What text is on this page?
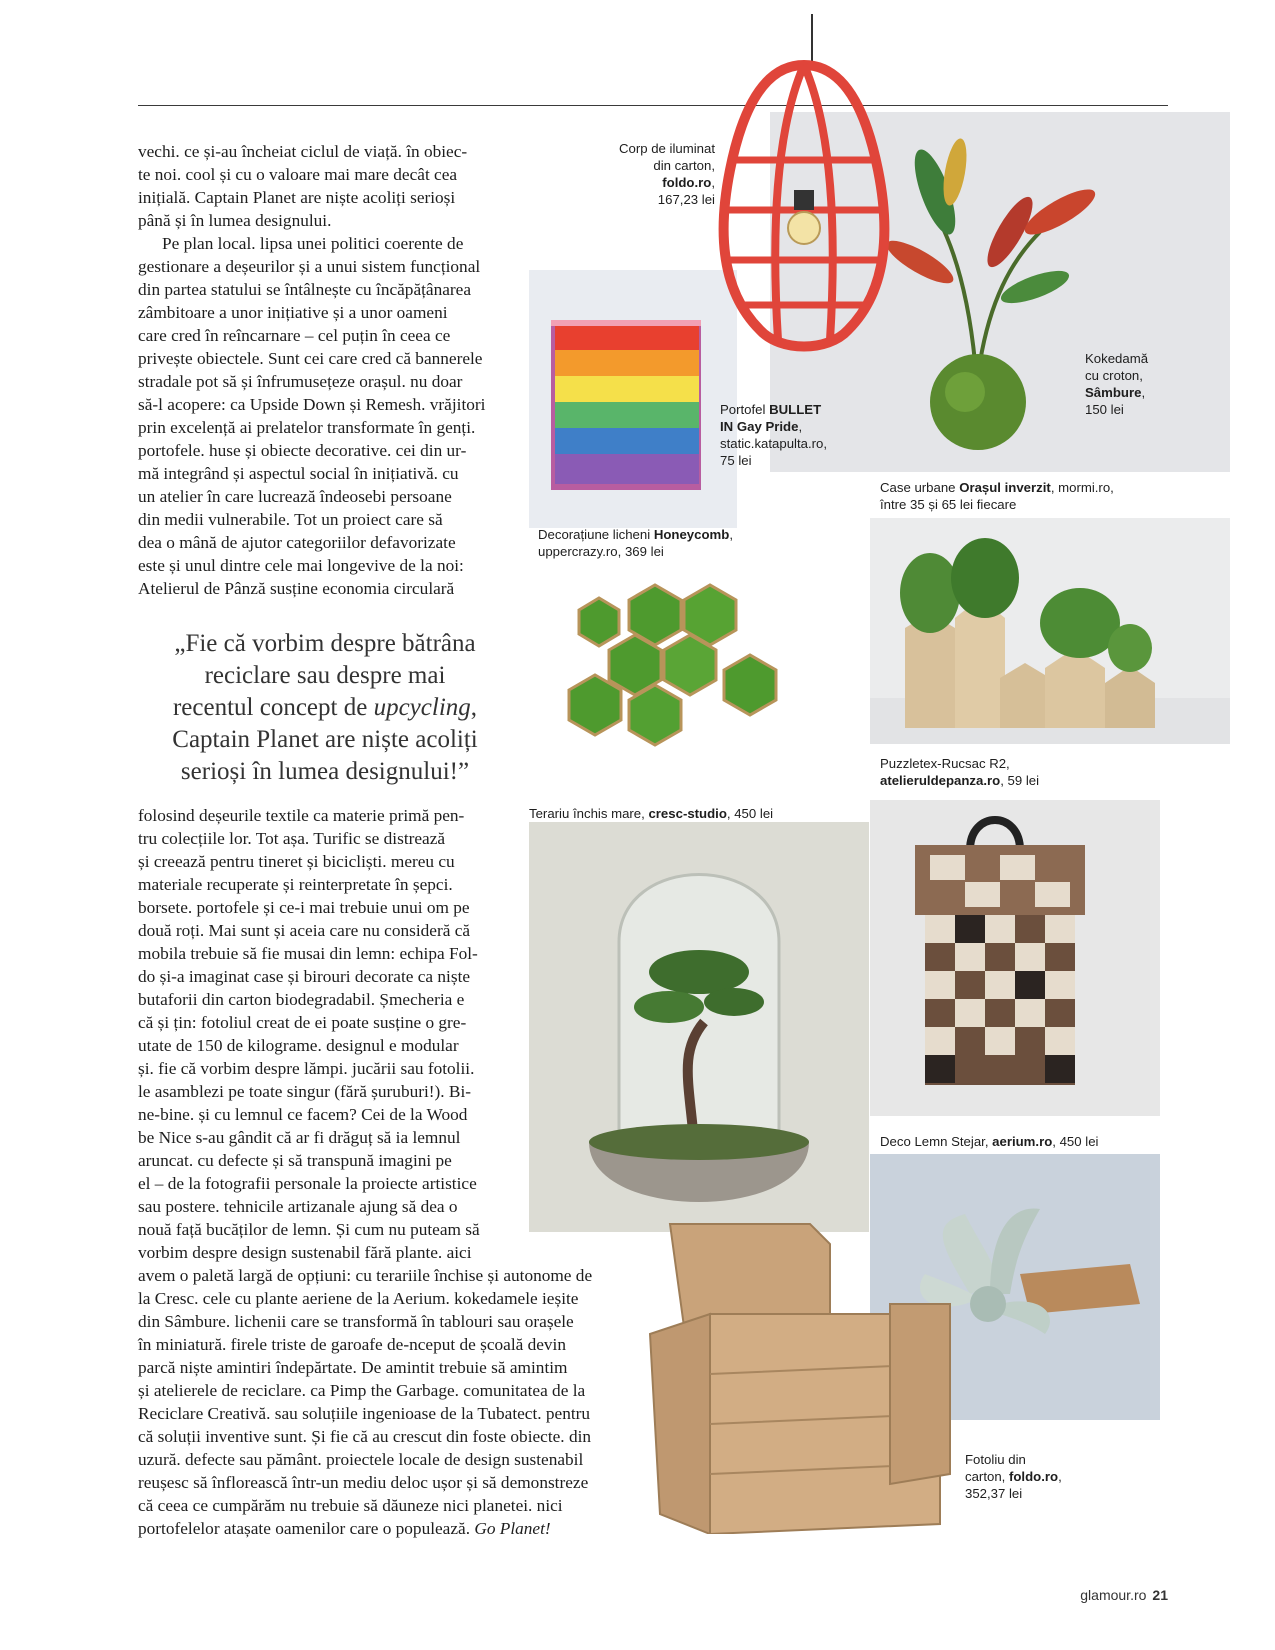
vechi. ce și-au încheiat ciclul de viață. în obiec-
te noi. cool și cu o valoare mai mare decât cea
inițială. Captain Planet are niște acoliți serioși
până și în lumea designului.
Pe plan local. lipsa unei politici coerente de
gestionare a deșeurilor și a unui sistem funcțional
din partea statului se întâlnește cu încăpățânarea
zâmbitoare a unor inițiative și a unor oameni
care cred în reîncarnare – cel puțin în ceea ce
privește obiectele. Sunt cei care cred că bannerele
stradale pot să și înfrumusețeze orașul. nu doar
să-l acopere: ca Upside Down și Remesh. vrăjitori
prin excelență ai prelatelor transformate în genți.
portofele. huse și obiecte decorative. cei din ur-
mă integrând și aspectul social în inițiativă. cu
un atelier în care lucrează îndeosebi persoane
din medii vulnerabile. Tot un proiect care să
dea o mână de ajutor categoriilor defavorizate
este și unul dintre cele mai longevive de la noi:
Atelierul de Pânză susține economia circulară
„Fie că vorbim despre bătrâna
reciclare sau despre mai
recentul concept de upcycling,
Captain Planet are niște acoliți
serioși în lumea designului!”
folosind deșeurile textile ca materie primă pen-
tru colecțiile lor. Tot așa. Turific se distrează
și creează pentru tineret și bicicliști. mereu cu
materiale recuperate și reinterpretate în șepci.
borsete. portofele și ce-i mai trebuie unui om pe
două roți. Mai sunt și aceia care nu consideră că
mobila trebuie să fie musai din lemn: echipa Fol-
do și-a imaginat case și birouri decorate ca niște
butaforii din carton biodegradabil. Șmecheria e
că și țin: fotoliul creat de ei poate susține o gre-
utate de 150 de kilograme. designul e modular
și. fie că vorbim despre lămpi. jucării sau fotolii.
le asamblezi pe toate singur (fără șuruburi!). Bi-
ne-bine. și cu lemnul ce facem? Cei de la Wood
be Nice s-au gândit că ar fi drăguț să ia lemnul
aruncat. cu defecte și să transpună imagini pe
el – de la fotografii personale la proiecte artistice
sau postere. tehnicile artizanale ajung să dea o
nouă față bucăților de lemn. Și cum nu puteam să
vorbim despre design sustenabil fără plante. aici
avem o paletă largă de opțiuni: cu terariile închise și autonome de
la Cresc. cele cu plante aeriene de la Aerium. kokedamele ieșite
din Sâmbure. lichenii care se transformă în tablouri sau orașele
în miniatură. firele triste de garoafe de-nceput de școală devin
parcă niște amintiri îndepărtate. De amintit trebuie să amintim
și atelierele de reciclare. ca Pimp the Garbage. comunitatea de la
Reciclare Creativă. sau soluțiile ingenioase de la Tubatect. pentru
că soluții inventive sunt. Și fie că au crescut din foste obiecte. din
uzură. defecte sau pământ. proiectele locale de design sustenabil
reușesc să înflorească într-un mediu deloc ușor și să demonstreze
că ceea ce cumpărăm nu trebuie să dăuneze nici planetei. nici
portofelelor atașate oamenilor care o populează. Go Planet!
Corp de iluminat
din carton,
foldo.ro,
167,23 lei
Kokedamă
cu croton,
Sâmbure,
150 lei
Portofel BULLET
IN Gay Pride,
static.katapulta.ro,
75 lei
Case urbane Orașul inverzit, mormi.ro,
între 35 și 65 lei fiecare
Decorațiune licheni Honeycomb,
uppercrazy.ro, 369 lei
Puzzletex-Rucsac R2,
atelieruldepanza.ro, 59 lei
Terariu închis mare, cresc-studio, 450 lei
Deco Lemn Stejar, aerium.ro, 450 lei
Fotoliu din
carton, foldo.ro,
352,37 lei
glamour.ro 21
